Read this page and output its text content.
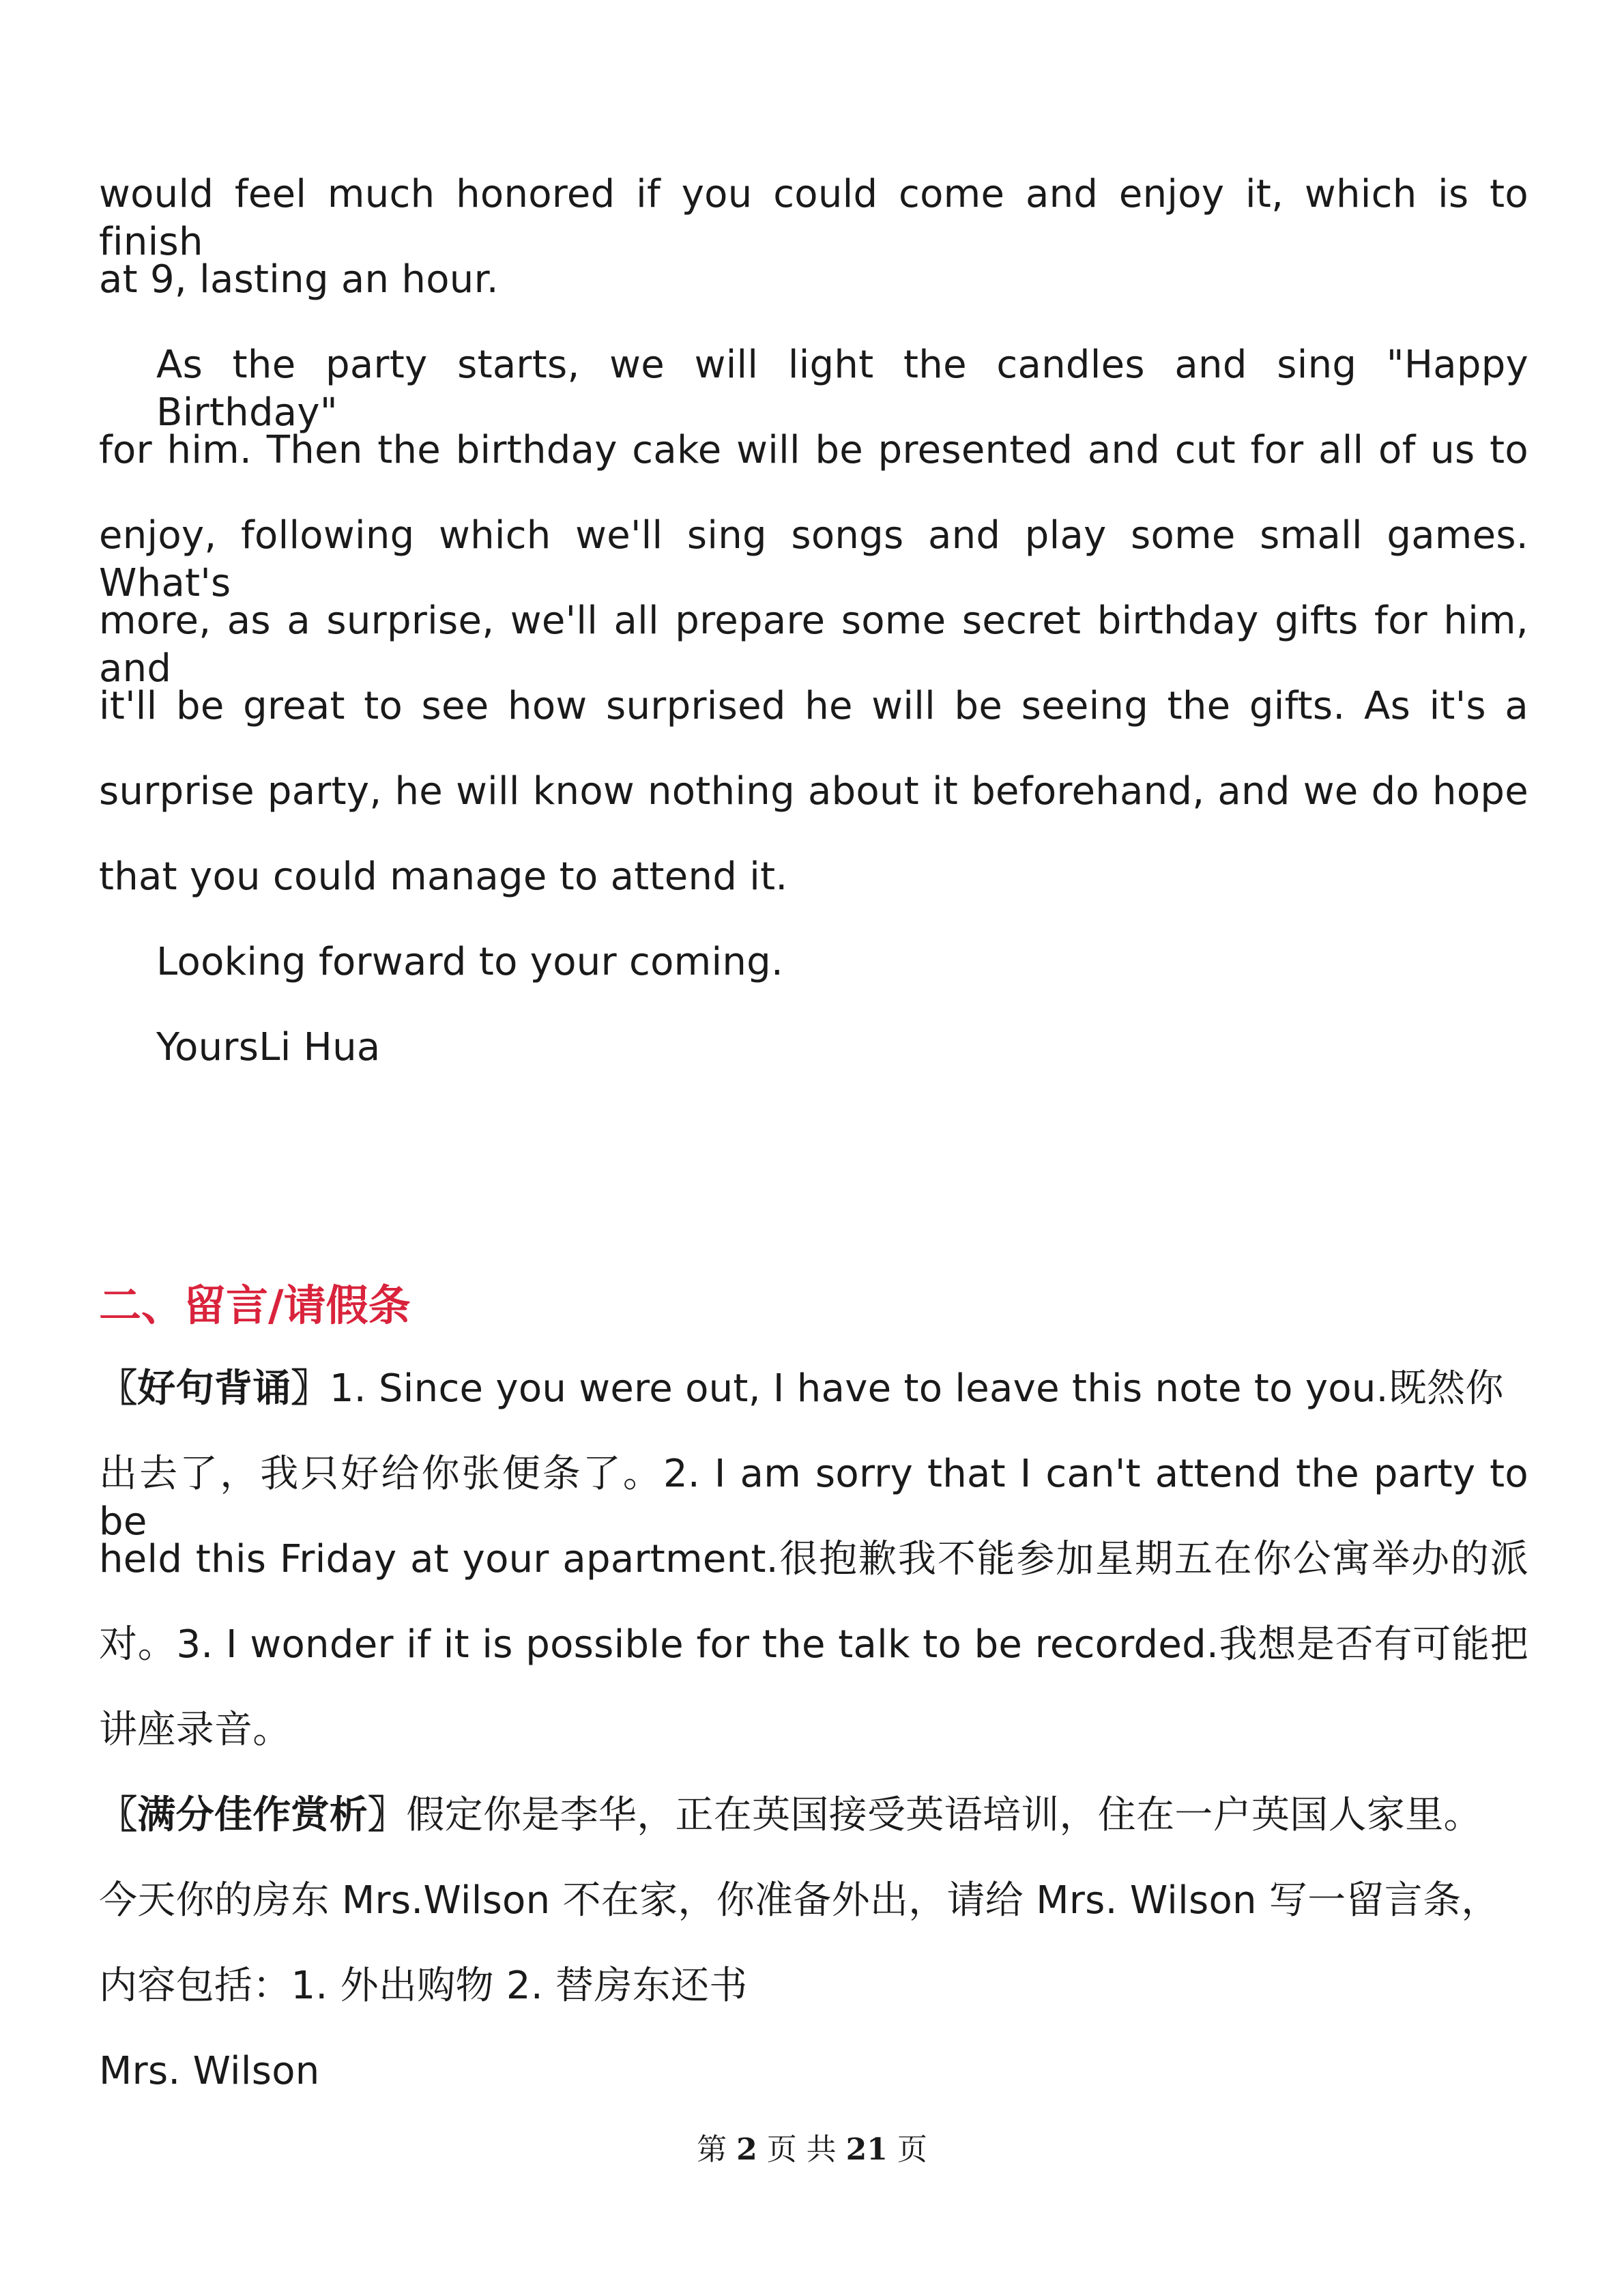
would feel much honored if you could come and enjoy it, which is to finish
at 9, lasting an hour.
As the party starts, we will light the candles and sing "Happy Birthday"
for him. Then the birthday cake will be presented and cut for all of us to
enjoy, following which we'll sing songs and play some small games. What's
more, as a surprise, we'll all prepare some secret birthday gifts for him, and
it'll be great to see how surprised he will be seeing the gifts. As it's a
surprise party, he will know nothing about it beforehand, and we do hope
that you could manage to attend it.
Looking forward to your coming.
YoursLi Hua
二、留言/请假条
〖好句背诵〗1. Since you were out, I have to leave this note to you.既然你
出去了，我只好给你张便条了。2. I am sorry that I can't attend the party to be
held this Friday at your apartment.很抱歉我不能参加星期五在你公寓举办的派
对。3. I wonder if it is possible for the talk to be recorded.我想是否有可能把
讲座录音。
〖满分佳作赏析〗假定你是李华，正在英国接受英语培训，住在一户英国人家里。
今天你的房东 Mrs.Wilson 不在家，你准备外出，请给 Mrs. Wilson 写一留言条，
内容包括：1. 外出购物 2. 替房东还书
Mrs. Wilson
第 2 页 共 21 页
